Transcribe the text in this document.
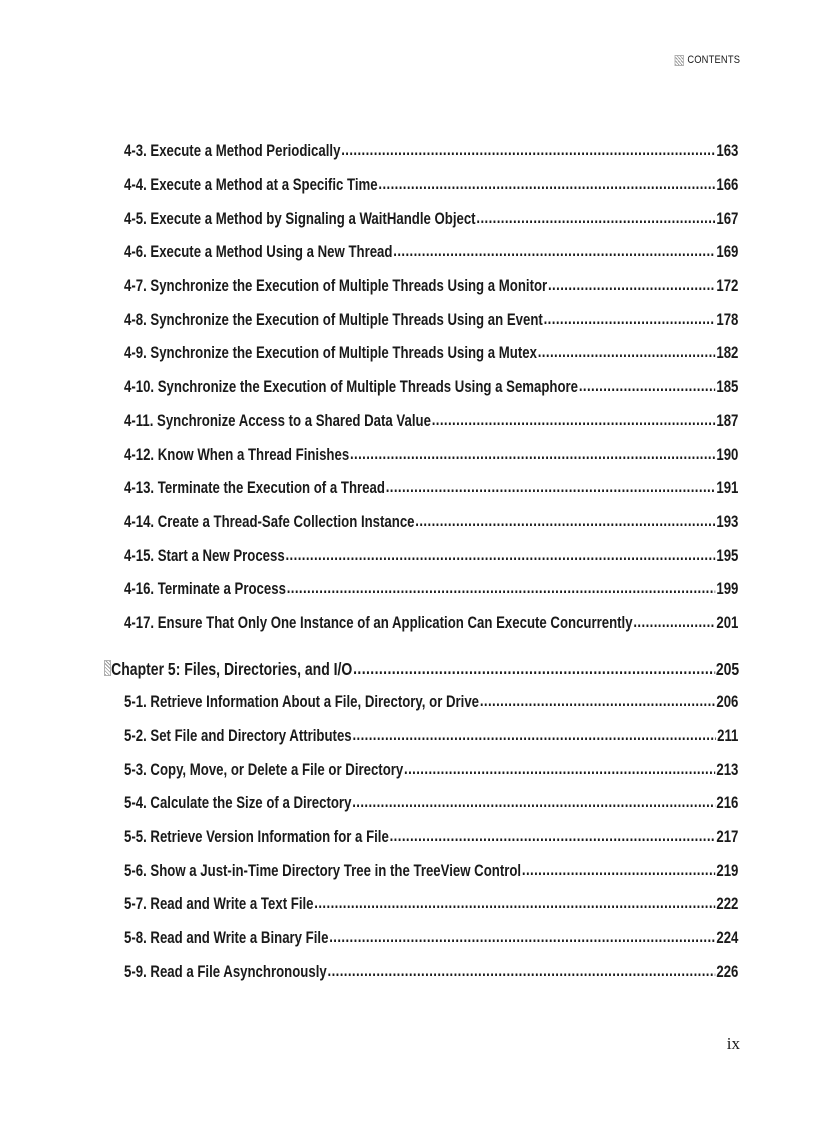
CONTENTS
4-3. Execute a Method Periodically .....	163
4-4. Execute a Method at a Specific Time .....	166
4-5. Execute a Method by Signaling a WaitHandle Object .....	167
4-6. Execute a Method Using a New Thread .....	169
4-7. Synchronize the Execution of Multiple Threads Using a Monitor .....	172
4-8. Synchronize the Execution of Multiple Threads Using an Event .....	178
4-9. Synchronize the Execution of Multiple Threads Using a Mutex .....	182
4-10. Synchronize the Execution of Multiple Threads Using a Semaphore .....	185
4-11. Synchronize Access to a Shared Data Value .....	187
4-12. Know When a Thread Finishes .....	190
4-13. Terminate the Execution of a Thread .....	191
4-14. Create a Thread-Safe Collection Instance .....	193
4-15. Start a New Process .....	195
4-16. Terminate a Process .....	199
4-17. Ensure That Only One Instance of an Application Can Execute Concurrently .....	201
Chapter 5: Files, Directories, and I/O .....	205
5-1. Retrieve Information About a File, Directory, or Drive .....	206
5-2. Set File and Directory Attributes .....	211
5-3. Copy, Move, or Delete a File or Directory .....	213
5-4. Calculate the Size of a Directory .....	216
5-5. Retrieve Version Information for a File .....	217
5-6. Show a Just-in-Time Directory Tree in the TreeView Control .....	219
5-7. Read and Write a Text File .....	222
5-8. Read and Write a Binary File .....	224
5-9. Read a File Asynchronously .....	226
ix
